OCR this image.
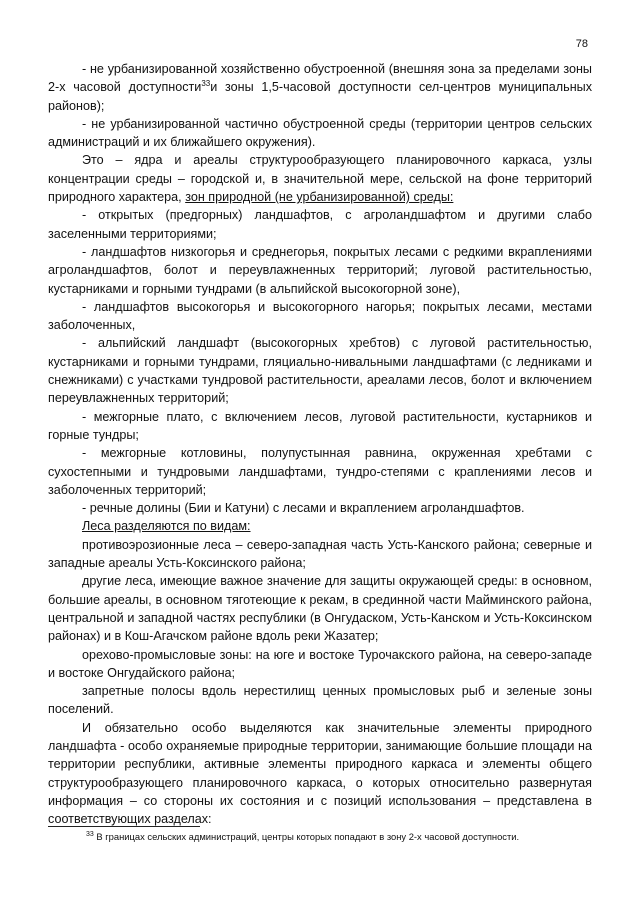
78

- не урбанизированной хозяйственно обустроенной (внешняя зона за пределами зоны 2-х часовой доступности$^{33}$и зоны 1,5-часовой доступности сел-центров муниципальных районов);

- не урбанизированной частично обустроенной среды (территории центров сельских администраций и их ближайшего окружения).

Это – ядра и ареалы структурообразующего планировочного каркаса, узлы концентрации среды – городской и, в значительной мере, сельской на фоне территорий природного характера, зон природной (не урбанизированной) среды:

- открытых (предгорных) ландшафтов, с агроландшафтом и другими слабо заселенными территориями;

- ландшафтов низкогорья и среднегорья, покрытых лесами с редкими вкраплениями агроландшафтов, болот и переувлажненных территорий; луговой растительностью, кустарниками и горными тундрами (в альпийской высокогорной зоне),

- ландшафтов высокогорья и высокогорного нагорья; покрытых лесами, местами заболоченных,

- альпийский ландшафт (высокогорных хребтов) с луговой растительностью, кустарниками и горными тундрами, гляциально-нивальными ландшафтами (с ледниками и снежниками) с участками тундровой растительности, ареалами лесов, болот и включением переувлажненных территорий;

- межгорные плато, с включением лесов, луговой растительности, кустарников и горные тундры;

- межгорные котловины, полупустынная равнина, окруженная хребтами с сухостепными и тундровыми ландшафтами, тундро-степями с краплениями лесов и заболоченных территорий;

- речные долины (Бии и Катуни) с лесами и вкраплением агроландшафтов.

Леса разделяются по видам:

противоэрозионные леса – северо-западная часть Усть-Канского района; северные и западные ареалы Усть-Коксинского района;

другие леса, имеющие важное значение для защиты окружающей среды: в основном, большие ареалы, в основном тяготеющие к рекам, в срединной части Майминского района, центральной и западной частях республики (в Онгудаском, Усть-Канском и Усть-Коксинском районах) и в Кош-Агачском районе вдоль реки Жазатер;

орехово-промысловые зоны: на юге и востоке Турочакского района, на северо-западе и востоке Онгудайского района;

запретные полосы вдоль нерестилищ ценных промысловых рыб и зеленые зоны поселений.

И обязательно особо выделяются как значительные элементы природного ландшафта - особо охраняемые природные территории, занимающие большие площади на территории республики, активные элементы природного каркаса и элементы общего структурообразующего планировочного каркаса, о которых относительно развернутая информация – со стороны их состояния и с позиций использования – представлена в соответствующих разделах:

$^{33}$ В границах сельских администраций, центры которых попадают в зону 2-х часовой доступности.
